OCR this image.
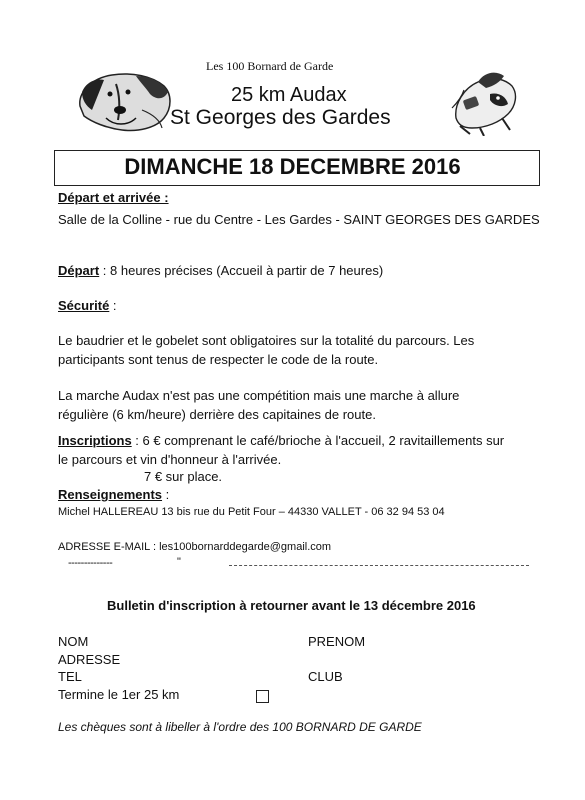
Les 100 Bornard de Garde
25 km Audax
St Georges des Gardes
DIMANCHE 18 DECEMBRE 2016
Départ et arrivée :
Salle de la Colline - rue du Centre - Les Gardes - SAINT GEORGES DES GARDES
Départ : 8 heures précises (Accueil à partir de 7 heures)
Sécurité :
Le baudrier et le gobelet sont obligatoires sur la totalité du parcours. Les
participants sont tenus de respecter le code de la route.
La marche Audax n'est pas une compétition mais une marche à allure
régulière (6 km/heure) derrière des capitaines de route.
Inscriptions : 6 € comprenant le café/brioche à l'accueil, 2 ravitaillements sur
le parcours et vin d'honneur à l'arrivée.
7 € sur place.
Renseignements :
Michel HALLEREAU 13 bis rue du Petit Four – 44330 VALLET - 06 32 94 53 04
ADRESSE E-MAIL : les100bornarddegarde@gmail.com
--------------	"
Bulletin d'inscription à retourner avant le 13 décembre 2016
NOM	PRENOM
ADRESSE
TEL	CLUB
Termine le 1er 25 km
Les chèques sont à libeller à l'ordre des 100 BORNARD DE GARDE
